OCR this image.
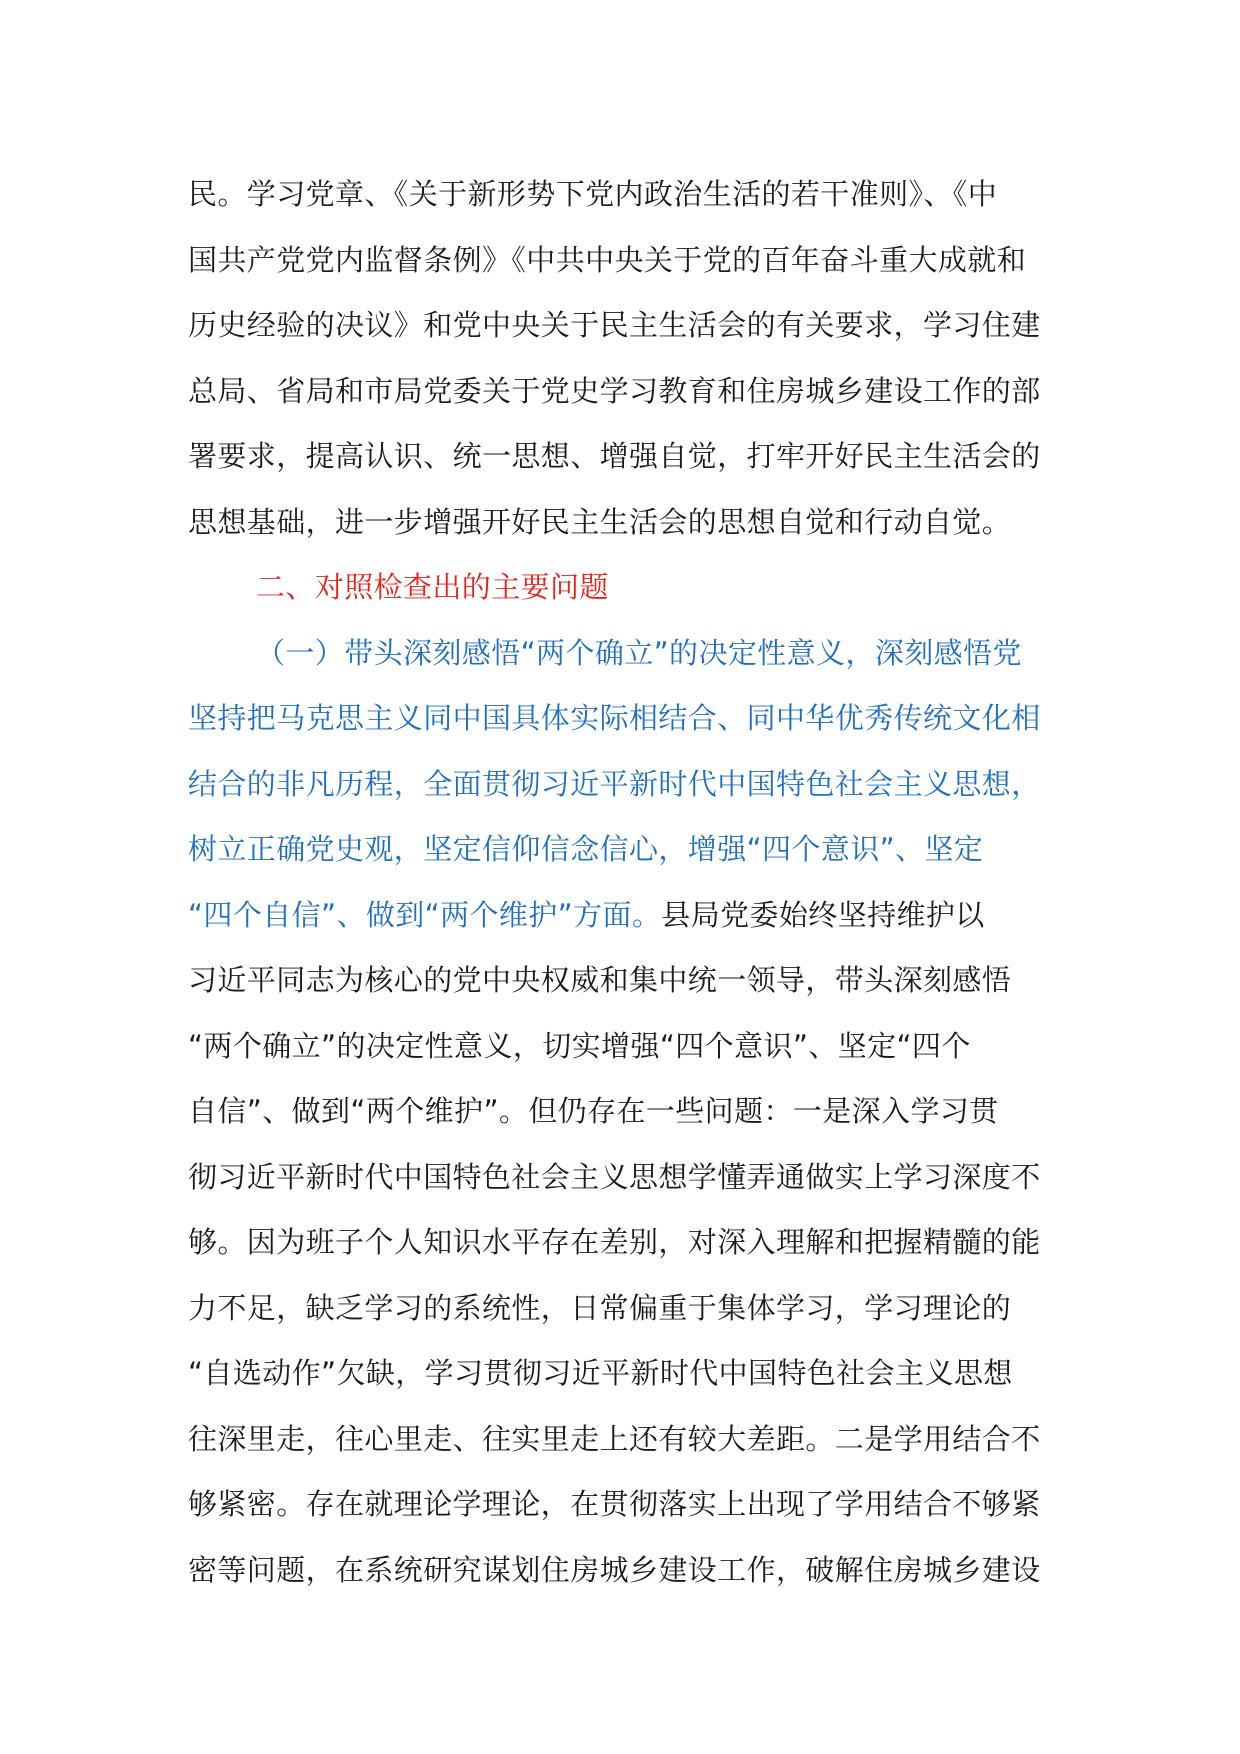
民。学习党章、《关于新形势下党内政治生活的若干准则》、《中
国共产党党内监督条例》《中共中央关于党的百年奋斗重大成就和
历史经验的决议》和党中央关于民主生活会的有关要求，学习住建
总局、省局和市局党委关于党史学习教育和住房城乡建设工作的部
署要求，提高认识、统一思想、增强自觉，打牢开好民主生活会的
思想基础，进一步增强开好民主生活会的思想自觉和行动自觉。
二、对照检查出的主要问题
（一）带头深刻感悟“两个确立”的决定性意义，深刻感悟党
坚持把马克思主义同中国具体实际相结合、同中华优秀传统文化相
结合的非凡历程，全面贯彻习近平新时代中国特色社会主义思想，
树立正确党史观，坚定信仰信念信心，增强“四个意识”、坚定
“四个自信”、做到“两个维护”方面。县局党委始终坚持维护以
习近平同志为核心的党中央权威和集中统一领导，带头深刻感悟
“两个确立”的决定性意义，切实增强“四个意识”、坚定“四个
自信”、做到“两个维护”。但仍存在一些问题：一是深入学习贯
彻习近平新时代中国特色社会主义思想学懂弄通做实上学习深度不
够。因为班子个人知识水平存在差别，对深入理解和把握精髓的能
力不足，缺乏学习的系统性，日常偏重于集体学习，学习理论的
“自选动作”欠缺，学习贯彻习近平新时代中国特色社会主义思想
往深里走，往心里走、往实里走上还有较大差距。二是学用结合不
够紧密。存在就理论学理论，在贯彻落实上出现了学用结合不够紧
密等问题，在系统研究谋划住房城乡建设工作，破解住房城乡建设
